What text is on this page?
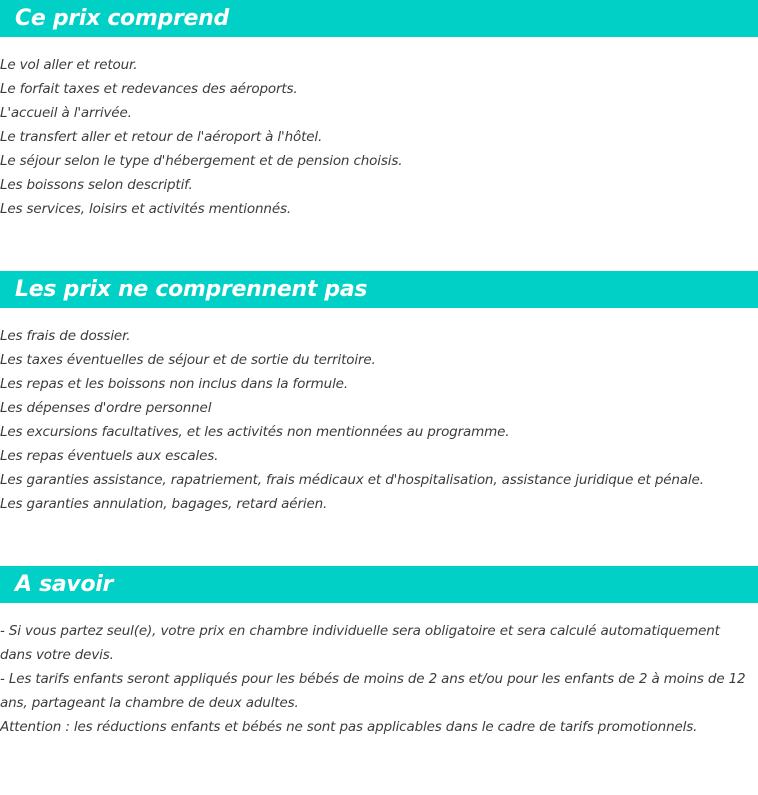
Ce prix comprend
Le vol aller et retour.
Le forfait taxes et redevances des aéroports.
L'accueil à l'arrivée.
Le transfert aller et retour de l'aéroport à l'hôtel.
Le séjour selon le type d'hébergement et de pension choisis.
Les boissons selon descriptif.
Les services, loisirs et activités mentionnés.
Les prix ne comprennent pas
Les frais de dossier.
Les taxes éventuelles de séjour et de sortie du territoire.
Les repas et les boissons non inclus dans la formule.
Les dépenses d'ordre personnel
Les excursions facultatives, et les activités non mentionnées au programme.
Les repas éventuels aux escales.
Les garanties assistance, rapatriement, frais médicaux et d'hospitalisation, assistance juridique et pénale.
Les garanties annulation, bagages, retard aérien.
A savoir
- Si vous partez seul(e), votre prix en chambre individuelle sera obligatoire et sera calculé automatiquement dans votre devis.
- Les tarifs enfants seront appliqués pour les bébés de moins de 2 ans et/ou pour les enfants de 2 à moins de 12 ans, partageant la chambre de deux adultes.
Attention : les réductions enfants et bébés ne sont pas applicables dans le cadre de tarifs promotionnels.
